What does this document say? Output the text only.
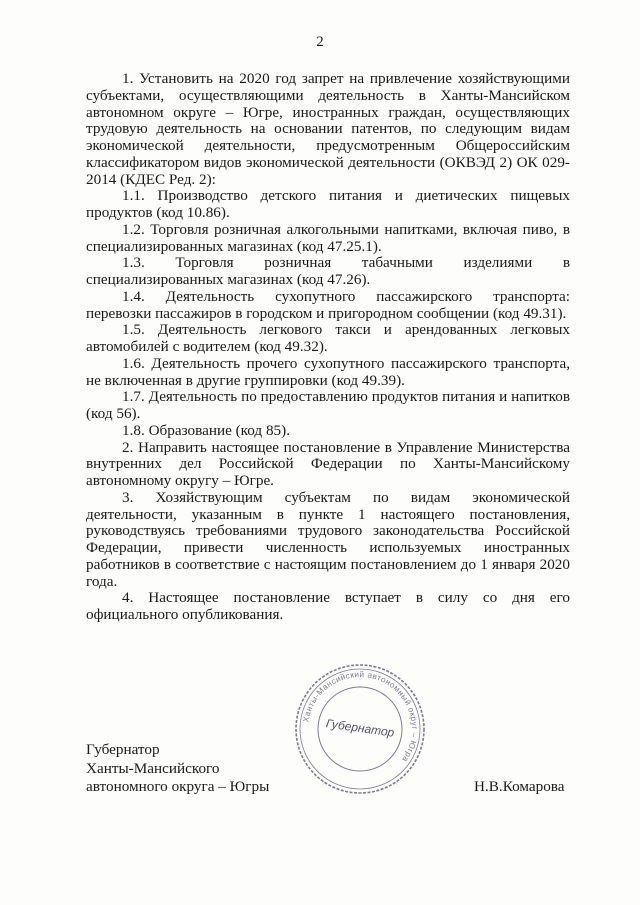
2

1. Установить на 2020 год запрет на привлечение хозяйствующими субъектами, осуществляющими деятельность в Ханты-Мансийском автономном округе – Югре, иностранных граждан, осуществляющих трудовую деятельность на основании патентов, по следующим видам экономической деятельности, предусмотренным Общероссийским классификатором видов экономической деятельности (ОКВЭД 2) ОК 029-2014 (КДЕС Ред. 2):

1.1. Производство детского питания и диетических пищевых продуктов (код 10.86).

1.2. Торговля розничная алкогольными напитками, включая пиво, в специализированных магазинах (код 47.25.1).

1.3. Торговля розничная табачными изделиями в специализированных магазинах (код 47.26).

1.4. Деятельность сухопутного пассажирского транспорта: перевозки пассажиров в городском и пригородном сообщении (код 49.31).

1.5. Деятельность легкового такси и арендованных легковых автомобилей с водителем (код 49.32).

1.6. Деятельность прочего сухопутного пассажирского транспорта, не включенная в другие группировки (код 49.39).

1.7. Деятельность по предоставлению продуктов питания и напитков (код 56).

1.8. Образование (код 85).

2. Направить настоящее постановление в Управление Министерства внутренних дел Российской Федерации по Ханты-Мансийскому автономному округу – Югре.

3. Хозяйствующим субъектам по видам экономической деятельности, указанным в пункте 1 настоящего постановления, руководствуясь требованиями трудового законодательства Российской Федерации, привести численность используемых иностранных работников в соответствие с настоящим постановлением до 1 января 2020 года.

4. Настоящее постановление вступает в силу со дня его официального опубликования.

Губернатор
Ханты-Мансийского
автономного округа – Югры
Ханты-Мансийский автономный округ – Югра
Губернатор
Н.В.Комарова
